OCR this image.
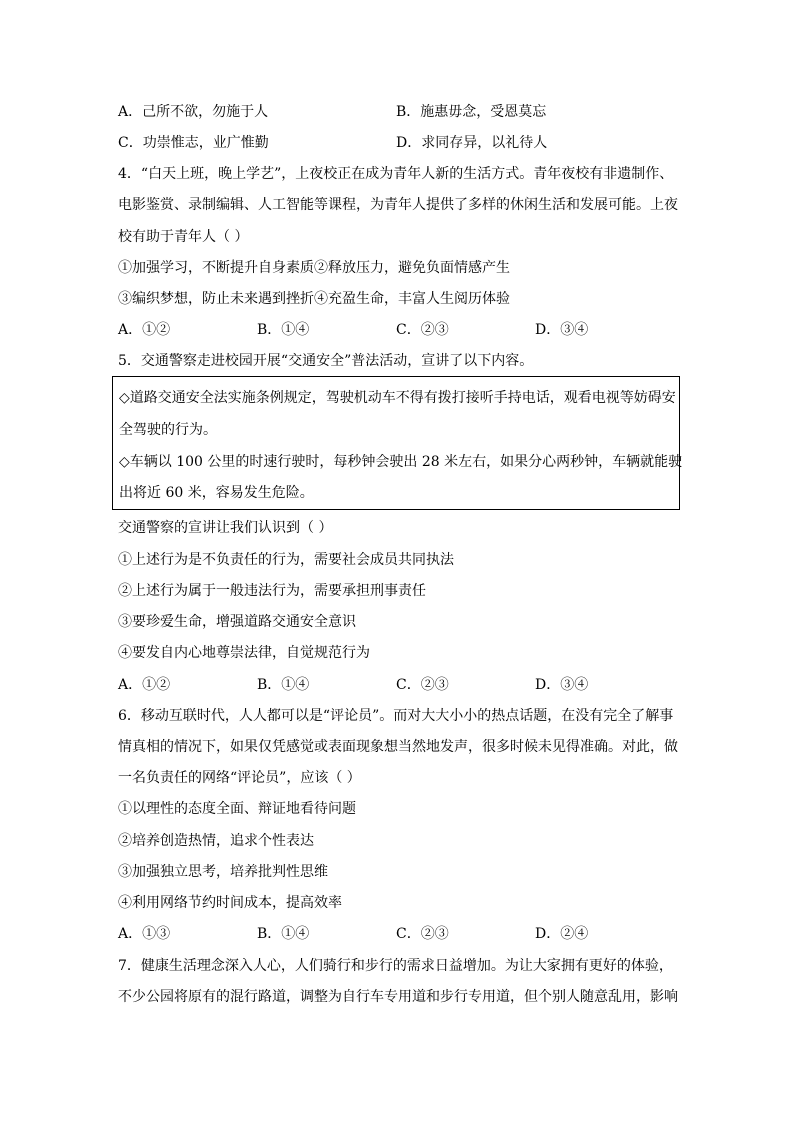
A．己所不欲，勿施于人	B．施惠毋念，受恩莫忘
C．功崇惟志，业广惟勤	D．求同存异，以礼待人
4．“白天上班，晚上学艺”，上夜校正在成为青年人新的生活方式。青年夜校有非遗制作、
电影鉴赏、录制编辑、人工智能等课程，为青年人提供了多样的休闲生活和发展可能。上夜
校有助于青年人（ ）
①加强学习，不断提升自身素质②释放压力，避免负面情感产生
③编织梦想，防止未来遇到挫折④充盈生命，丰富人生阅历体验
A．①②	B．①④	C．②③	D．③④
5．交通警察走进校园开展“交通安全”普法活动，宣讲了以下内容。
◇道路交通安全法实施条例规定，驾驶机动车不得有拨打接听手持电话，观看电视等妨碍安
全驾驶的行为。
◇车辆以 100 公里的时速行驶时，每秒钟会驶出 28 米左右，如果分心两秒钟，车辆就能驶
出将近 60 米，容易发生危险。
交通警察的宣讲让我们认识到（ ）
①上述行为是不负责任的行为，需要社会成员共同执法
②上述行为属于一般违法行为，需要承担刑事责任
③要珍爱生命，增强道路交通安全意识
④要发自内心地尊崇法律，自觉规范行为
A．①②	B．①④	C．②③	D．③④
6．移动互联时代，人人都可以是“评论员”。而对大大小小的热点话题，在没有完全了解事
情真相的情况下，如果仅凭感觉或表面现象想当然地发声，很多时候未见得准确。对此，做
一名负责任的网络“评论员”，应该（ ）
①以理性的态度全面、辩证地看待问题
②培养创造热情，追求个性表达
③加强独立思考，培养批判性思维
④利用网络节约时间成本，提高效率
A．①③	B．①④	C．②③	D．②④
7．健康生活理念深入人心，人们骑行和步行的需求日益增加。为让大家拥有更好的体验，
不少公园将原有的混行路道，调整为自行车专用道和步行专用道，但个别人随意乱用，影响
